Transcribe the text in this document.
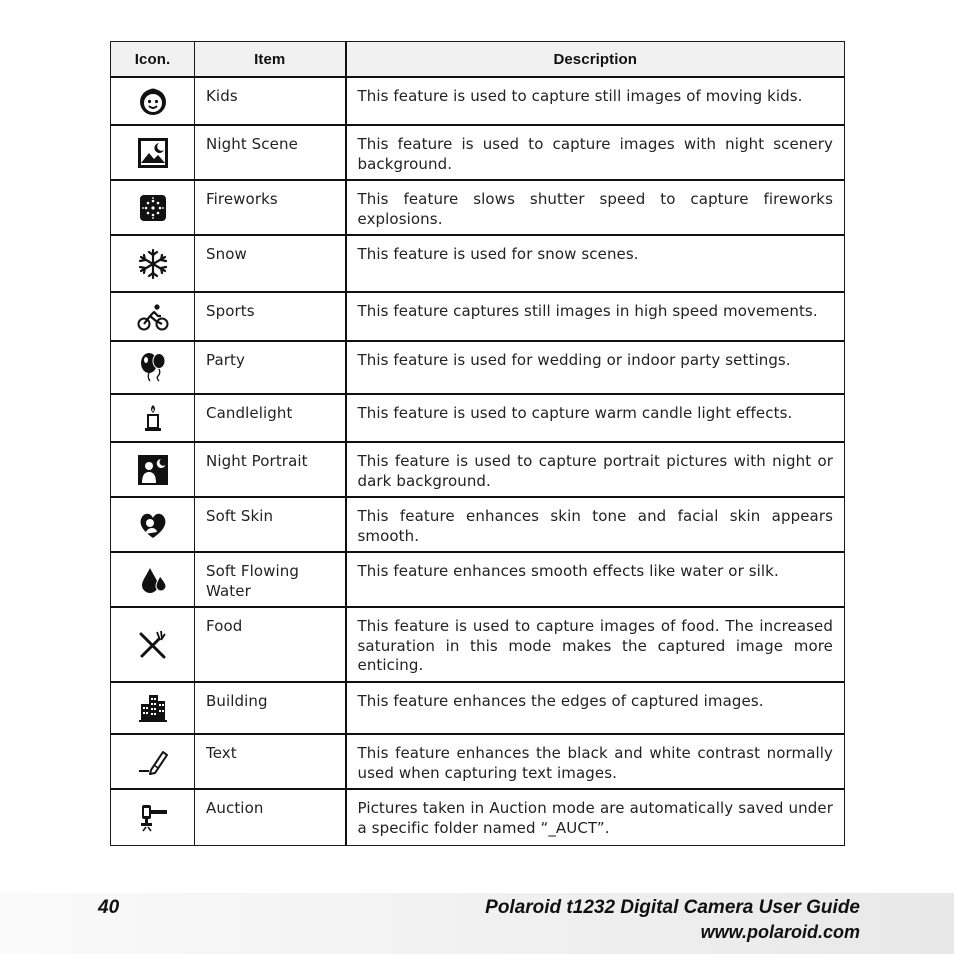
Icon.	Item	Description
	Kids	This feature is used to capture still images of moving kids.
	Night Scene	This feature is used to capture images with night scenery background.
	Fireworks	This feature slows shutter speed to capture fireworks explosions.
	Snow	This feature is used for snow scenes.
	Sports	This feature captures still images in high speed movements.
	Party	This feature is used for wedding or indoor party settings.
	Candlelight	This feature is used to capture warm candle light effects.
	Night Portrait	This feature is used to capture portrait pictures with night or dark background.
	Soft Skin	This feature enhances skin tone and facial skin appears smooth.
	Soft Flowing Water	This feature enhances smooth effects like water or silk.
	Food	This feature is used to capture images of food. The increased saturation in this mode makes the captured image more enticing.
	Building	This feature enhances the edges of captured images.
	Text	This feature enhances the black and white contrast normally used when capturing text images.
	Auction	Pictures taken in Auction mode are automatically saved under a specific folder named “_AUCT”.
40	Polaroid t1232 Digital Camera User Guide
www.polaroid.com
